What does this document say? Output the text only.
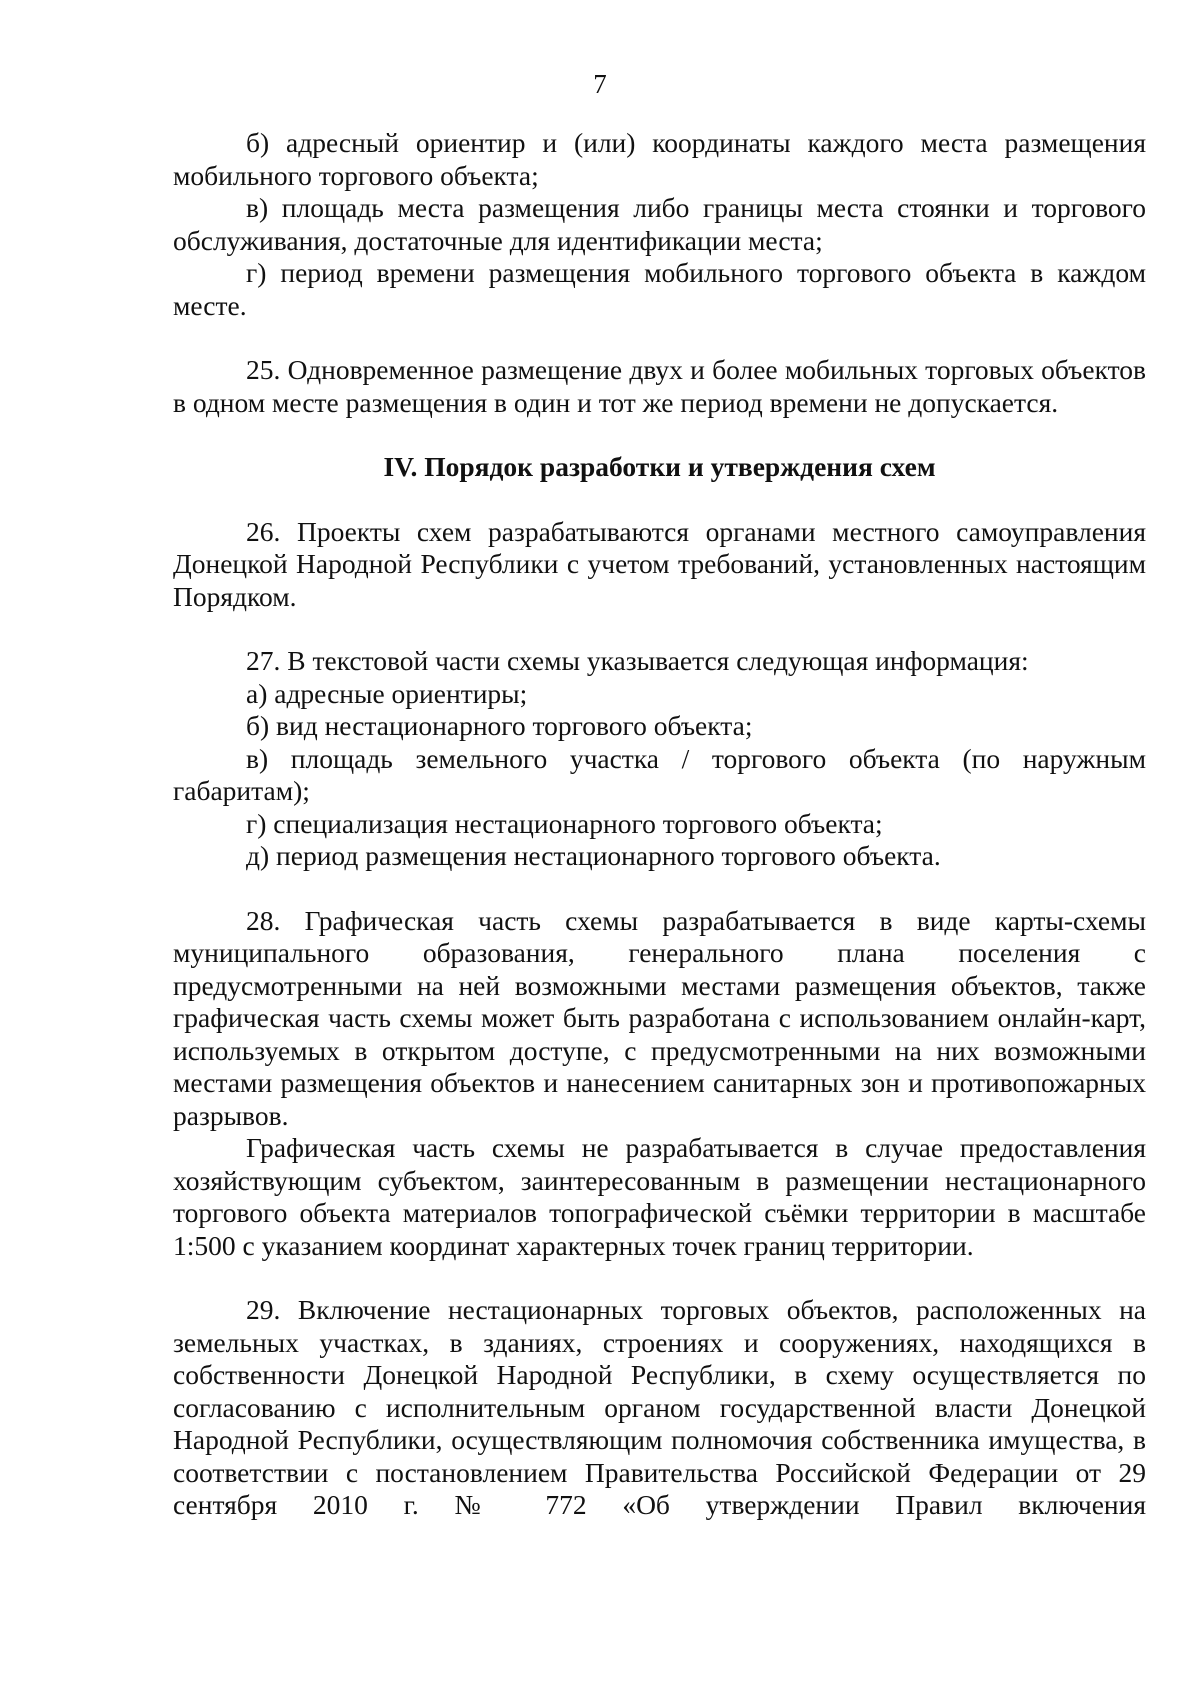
7

б) адресный ориентир и (или) координаты каждого места размещения мобильного торгового объекта;

в) площадь места размещения либо границы места стоянки и торгового обслуживания, достаточные для идентификации места;

г) период времени размещения мобильного торгового объекта в каждом месте.

25. Одновременное размещение двух и более мобильных торговых объектов в одном месте размещения в один и тот же период времени не допускается.

IV. Порядок разработки и утверждения схем

26. Проекты схем разрабатываются органами местного самоуправления Донецкой Народной Республики с учетом требований, установленных настоящим Порядком.

27. В текстовой части схемы указывается следующая информация:

а) адресные ориентиры;

б) вид нестационарного торгового объекта;

в) площадь земельного участка / торгового объекта (по наружным габаритам);

г) специализация нестационарного торгового объекта;

д) период размещения нестационарного торгового объекта.

28. Графическая часть схемы разрабатывается в виде карты-схемы муниципального образования, генерального плана поселения с предусмотренными на ней возможными местами размещения объектов, также графическая часть схемы может быть разработана с использованием онлайн-карт, используемых в открытом доступе, с предусмотренными на них возможными местами размещения объектов и нанесением санитарных зон и противопожарных разрывов.

Графическая часть схемы не разрабатывается в случае предоставления хозяйствующим субъектом, заинтересованным в размещении нестационарного торгового объекта материалов топографической съёмки территории в масштабе 1:500 с указанием координат характерных точек границ территории.

29. Включение нестационарных торговых объектов, расположенных на земельных участках, в зданиях, строениях и сооружениях, находящихся в собственности Донецкой Народной Республики, в схему осуществляется по согласованию с исполнительным органом государственной власти Донецкой Народной Республики, осуществляющим полномочия собственника имущества, в соответствии с постановлением Правительства Российской Федерации от 29 сентября 2010 г. № 772 «Об утверждении Правил включения
